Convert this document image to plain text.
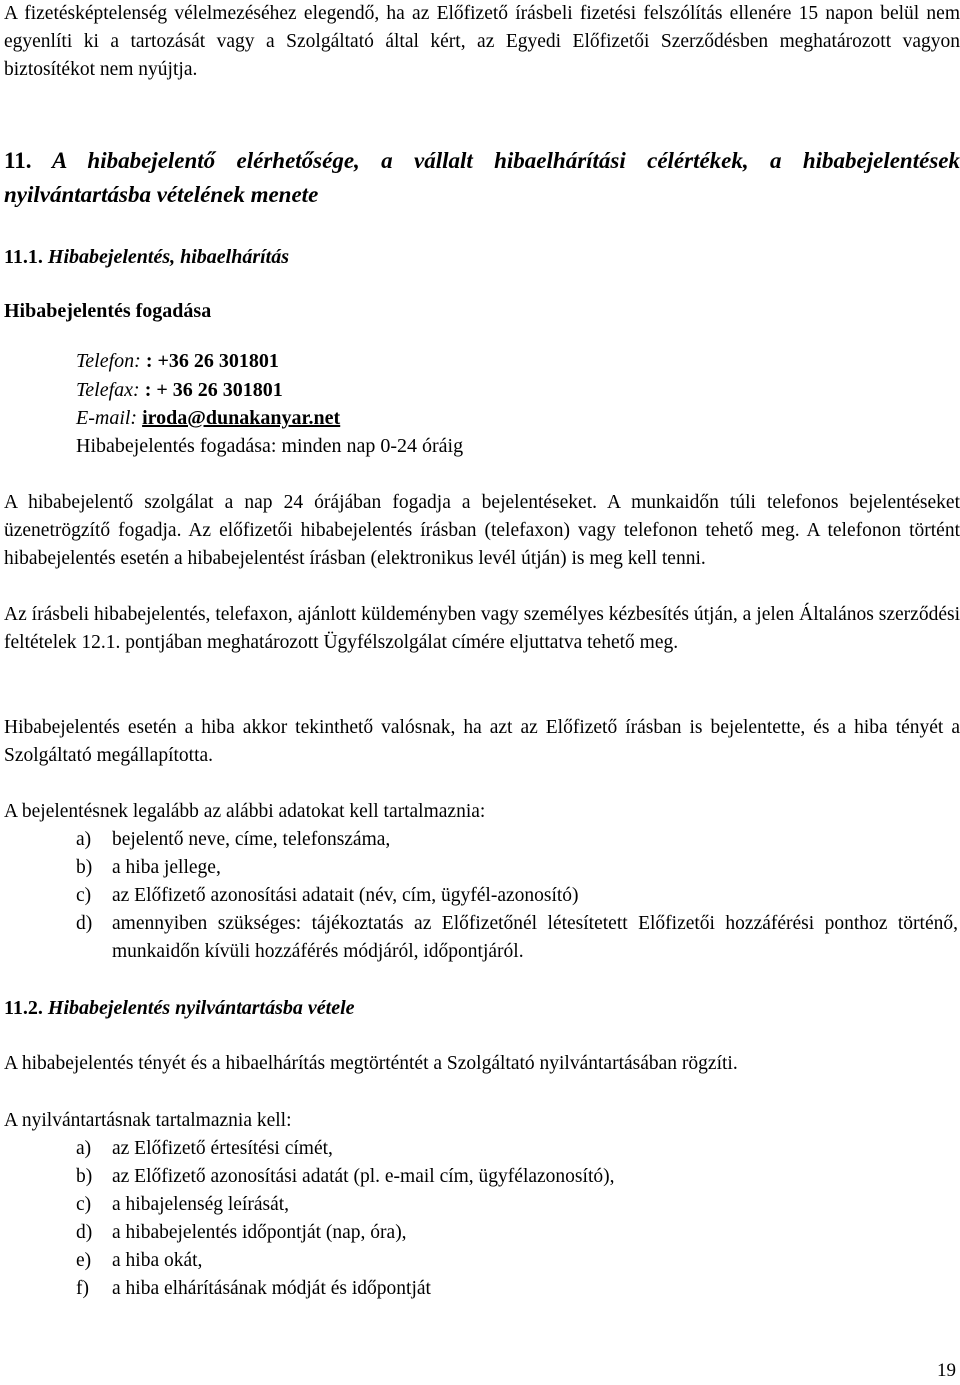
A fizetésképtelenség vélelmezéséhez elegendő, ha az Előfizető írásbeli fizetési felszólítás ellenére 15 napon belül nem egyenlíti ki a tartozását vagy a Szolgáltató által kért, az Egyedi Előfizetői Szerződésben meghatározott vagyon biztosítékot nem nyújtja.

11. A hibabejelentő elérhetősége, a vállalt hibaelhárítási célértékek, a hibabejelentések nyilvántartásba vételének menete
11.1. Hibabejelentés, hibaelhárítás
Hibabejelentés fogadása
Telefon: : +36 26 301801
Telefax: : + 36 26 301801
E-mail: iroda@dunakanyar.net
Hibabejelentés fogadása: minden nap 0-24 óráig

A hibabejelentő szolgálat a nap 24 órájában fogadja a bejelentéseket. A munkaidőn túli telefonos bejelentéseket üzenetrögzítő fogadja. Az előfizetői hibabejelentés írásban (telefaxon) vagy telefonon tehető meg. A telefonon történt hibabejelentés esetén a hibabejelentést írásban (elektronikus levél útján) is meg kell tenni.

Az írásbeli hibabejelentés, telefaxon, ajánlott küldeményben vagy személyes kézbesítés útján, a jelen Általános szerződési feltételek 12.1. pontjában meghatározott Ügyfélszolgálat címére eljuttatva tehető meg.

Hibabejelentés esetén a hiba akkor tekinthető valósnak, ha azt az Előfizető írásban is bejelentette, és a hiba tényét a Szolgáltató megállapította.

A bejelentésnek legalább az alábbi adatokat kell tartalmaznia:

a) bejelentő neve, címe, telefonszáma,
b) a hiba jellege,
c) az Előfizető azonosítási adatait (név, cím, ügyfél-azonosító)
d) amennyiben szükséges: tájékoztatás az Előfizetőnél létesítetett Előfizetői hozzáférési ponthoz történő, munkaidőn kívüli hozzáférés módjáról, időpontjáról.
11.2. Hibabejelentés nyilvántartásba vétele

A hibabejelentés tényét és a hibaelhárítás megtörténtét a Szolgáltató nyilvántartásában rögzíti.

A nyilvántartásnak tartalmaznia kell:

a) az Előfizető értesítési címét,
b) az Előfizető azonosítási adatát (pl. e-mail cím, ügyfélazonosító),
c) a hibajelenség leírását,
d) a hibabejelentés időpontját (nap, óra),
e) a hiba okát,
f) a hiba elhárításának módját és időpontját
19
